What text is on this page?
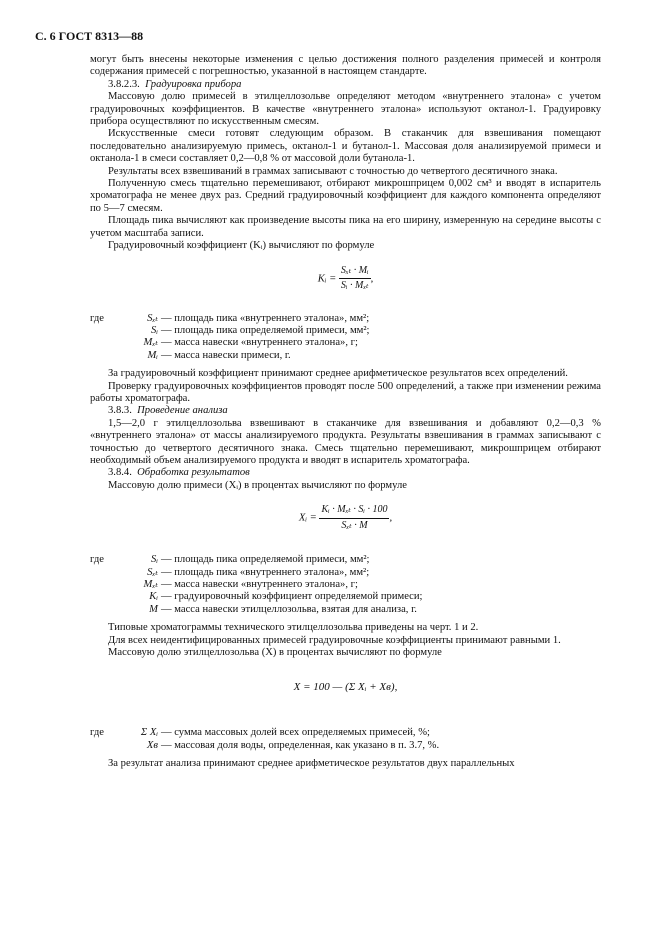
С. 6 ГОСТ 8313—88

могут быть внесены некоторые изменения с целью достижения полного разделения примесей и контроля содержания примесей с погрешностью, указанной в настоящем стандарте.

3.8.2.3. Градуировка прибора

Массовую долю примесей в этилцеллозольве определяют методом «внутреннего эталона» с учетом градуировочных коэффициентов. В качестве «внутреннего эталона» используют октанол-1. Градуировку прибора осуществляют по искусственным смесям.

Искусственные смеси готовят следующим образом. В стаканчик для взвешивания помещают последовательно анализируемую примесь, октанол-1 и бутанол-1. Массовая доля анализируемой примеси и октанола-1 в смеси составляет 0,2—0,8 % от массовой доли бутанола-1.

Результаты всех взвешиваний в граммах записывают с точностью до четвертого десятичного знака.

Полученную смесь тщательно перемешивают, отбирают микрошприцем 0,002 см³ и вводят в испаритель хроматографа не менее двух раз. Средний градуировочный коэффициент для каждого компонента определяют по 5—7 смесям.

Площадь пика вычисляют как произведение высоты пика на его ширину, измеренную на середине высоты с учетом масштаба записи.

Градуировочный коэффициент (Kᵢ) вычисляют по формуле

Kᵢ = $\frac{\text{Sₓₜ · Mᵢ}}{\text{Sᵢ · Mₓₜ}}$ ,
где	Sₓₜ — площадь пика «внутреннего эталона», мм²;
Sᵢ — площадь пика определяемой примеси, мм²;
Mₓₜ — масса навески «внутреннего эталона», г;
Mᵢ — масса навески примеси, г.

За градуировочный коэффициент принимают среднее арифметическое результатов всех определений.

Проверку градуировочных коэффициентов проводят после 500 определений, а также при изменении режима работы хроматографа.

3.8.3. Проведение анализа

1,5—2,0 г этилцеллозольва взвешивают в стаканчике для взвешивания и добавляют 0,2—0,3 % «внутреннего эталона» от массы анализируемого продукта. Результаты взвешивания в граммах записывают с точностью до четвертого десятичного знака. Смесь тщательно перемешивают, микрошприцем отбирают необходимый объем анализируемого продукта и вводят в испаритель хроматографа.

3.8.4. Обработка результатов

Массовую долю примеси (Xᵢ) в процентах вычисляют по формуле

Xᵢ = $\frac{\text{Kᵢ · Mₓₜ · Sᵢ · 100}}{\text{Sₓₜ · M}}$ ,
где	Sᵢ — площадь пика определяемой примеси, мм²;
Sₓₜ — площадь пика «внутреннего эталона», мм²;
Mₓₜ — масса навески «внутреннего эталона», г;
Kᵢ — градуировочный коэффициент определяемой примеси;
M — масса навески этилцеллозольва, взятая для анализа, г.

Типовые хроматограммы технического этилцеллозольва приведены на черт. 1 и 2.

Для всех неидентифицированных примесей градуировочные коэффициенты принимают равными 1.

Массовую долю этилцеллозольва (X) в процентах вычисляют по формуле

X = 100 — (Σ Xᵢ + Xв),
где	Σ Xᵢ — сумма массовых долей всех определяемых примесей, %;
Xв — массовая доля воды, определенная, как указано в п. 3.7, %.

За результат анализа принимают среднее арифметическое результатов двух параллельных
